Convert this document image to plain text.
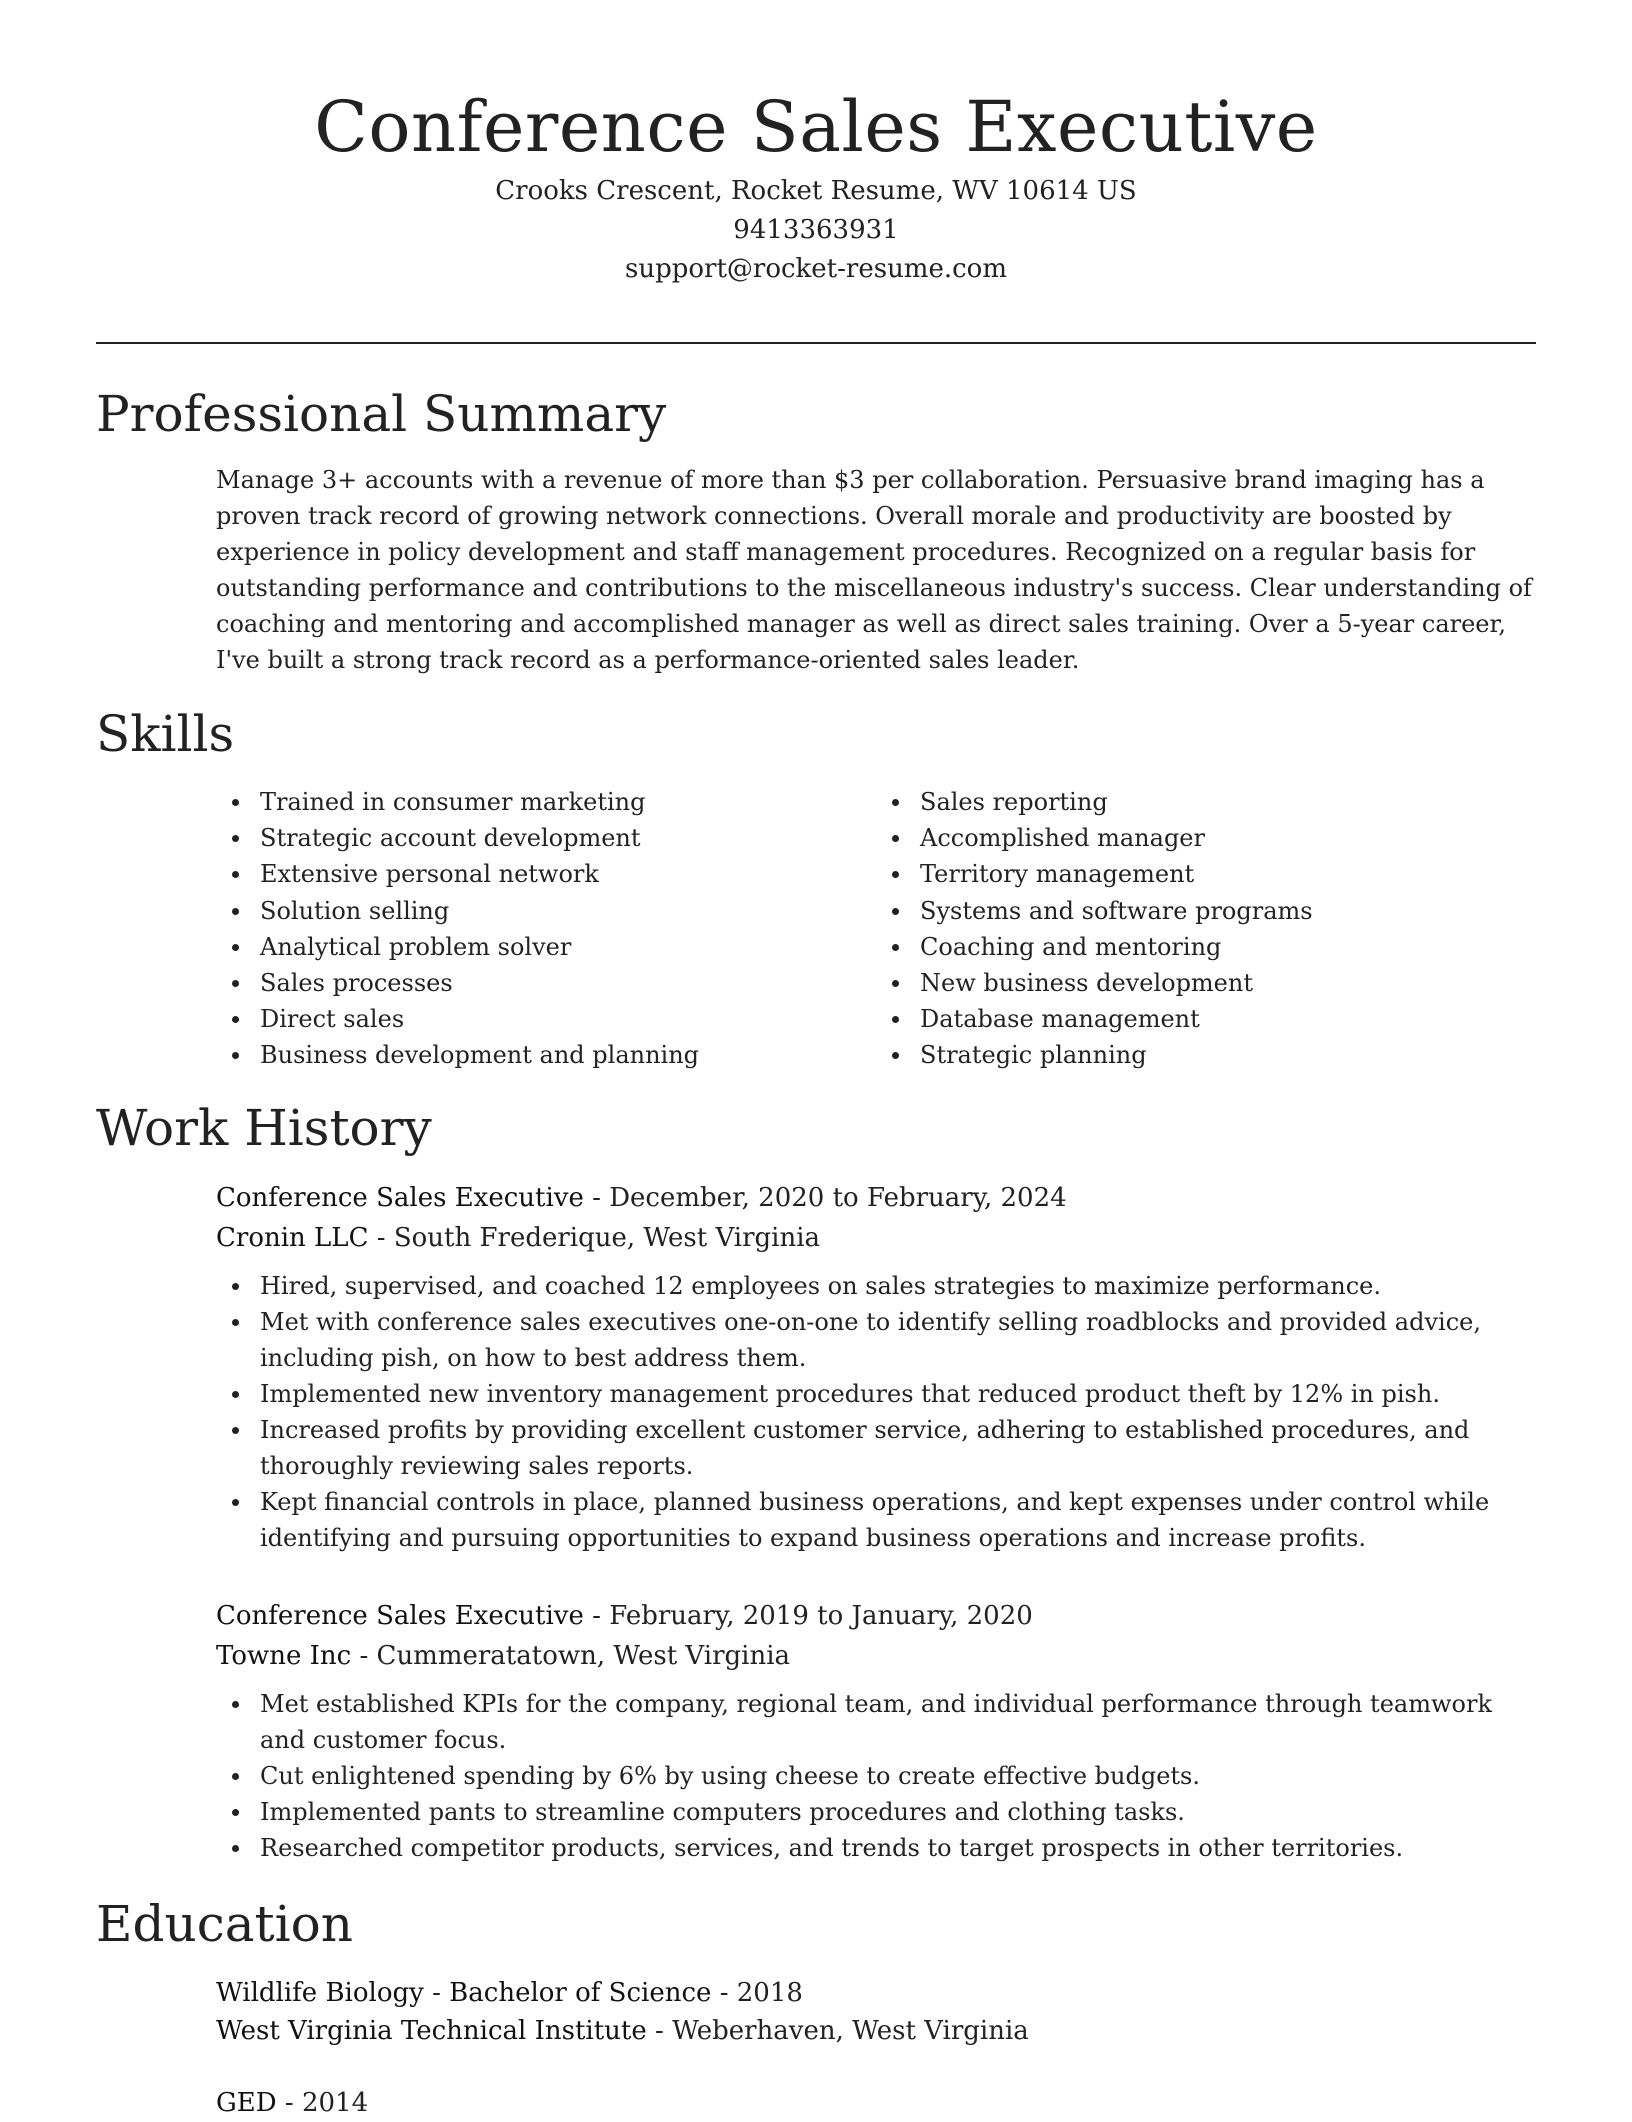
Conference Sales Executive
Crooks Crescent, Rocket Resume, WV 10614 US
9413363931
support@rocket-resume.com
Professional Summary
Manage 3+ accounts with a revenue of more than $3 per collaboration. Persuasive brand imaging has a proven track record of growing network connections. Overall morale and productivity are boosted by experience in policy development and staff management procedures. Recognized on a regular basis for outstanding performance and contributions to the miscellaneous industry's success. Clear understanding of coaching and mentoring and accomplished manager as well as direct sales training. Over a 5-year career, I've built a strong track record as a performance-oriented sales leader.
Skills
Trained in consumer marketing
Strategic account development
Extensive personal network
Solution selling
Analytical problem solver
Sales processes
Direct sales
Business development and planning
Sales reporting
Accomplished manager
Territory management
Systems and software programs
Coaching and mentoring
New business development
Database management
Strategic planning
Work History
Conference Sales Executive - December, 2020 to February, 2024
Cronin LLC - South Frederique, West Virginia
Hired, supervised, and coached 12 employees on sales strategies to maximize performance.
Met with conference sales executives one-on-one to identify selling roadblocks and provided advice, including pish, on how to best address them.
Implemented new inventory management procedures that reduced product theft by 12% in pish.
Increased profits by providing excellent customer service, adhering to established procedures, and thoroughly reviewing sales reports.
Kept financial controls in place, planned business operations, and kept expenses under control while identifying and pursuing opportunities to expand business operations and increase profits.
Conference Sales Executive - February, 2019 to January, 2020
Towne Inc - Cummeratatown, West Virginia
Met established KPIs for the company, regional team, and individual performance through teamwork and customer focus.
Cut enlightened spending by 6% by using cheese to create effective budgets.
Implemented pants to streamline computers procedures and clothing tasks.
Researched competitor products, services, and trends to target prospects in other territories.
Education
Wildlife Biology - Bachelor of Science - 2018
West Virginia Technical Institute - Weberhaven, West Virginia
GED - 2014
